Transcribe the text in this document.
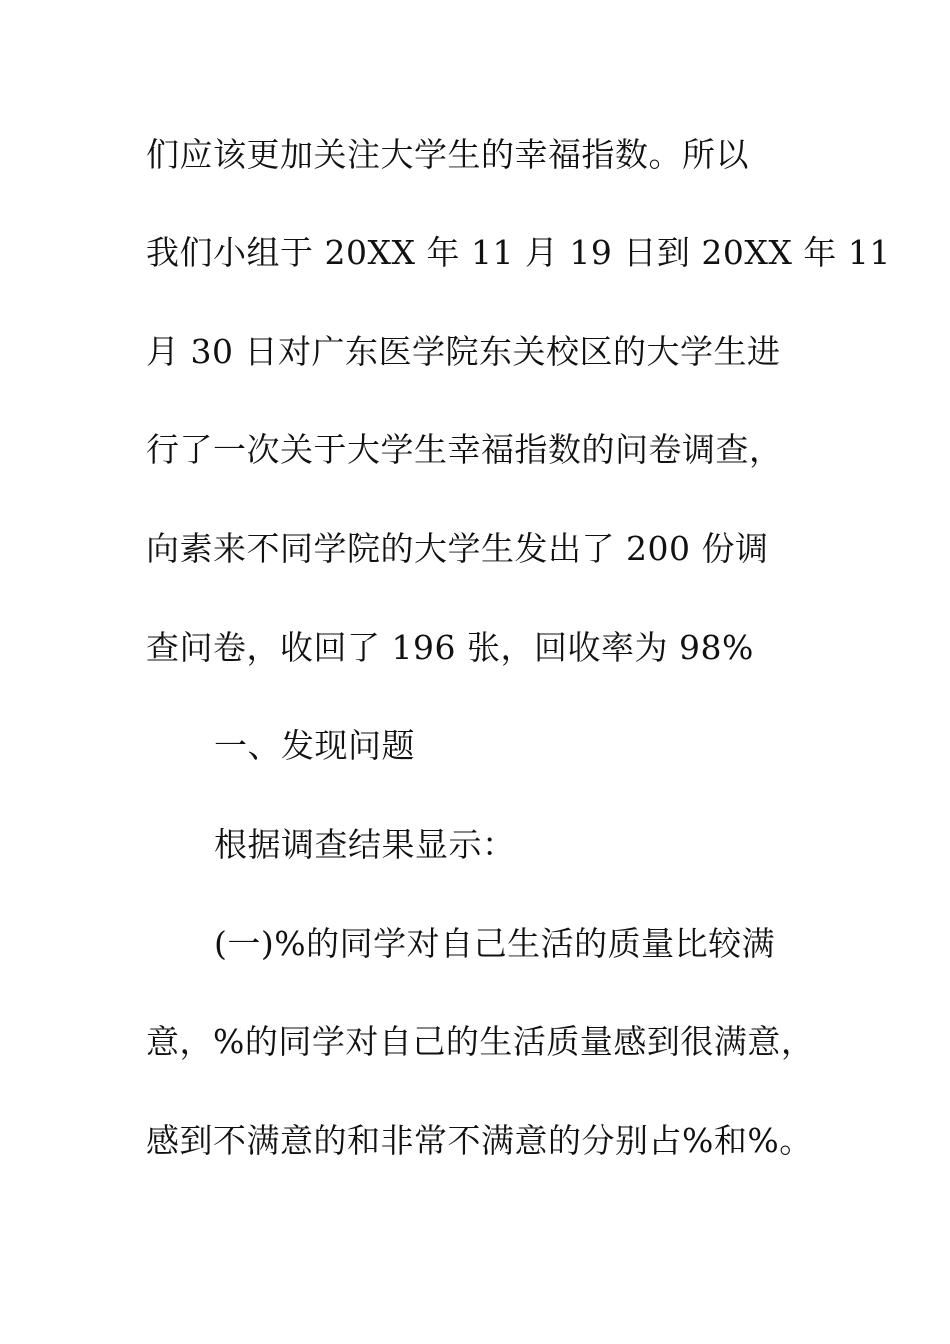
们应该更加关注大学生的幸福指数。所以
我们小组于 20XX 年 11 月 19 日到 20XX 年 11
月 30 日对广东医学院东关校区的大学生进
行了一次关于大学生幸福指数的问卷调查，
向素来不同学院的大学生发出了 200 份调
查问卷，收回了 196 张，回收率为 98%
一、发现问题
根据调查结果显示：
(一)%的同学对自己生活的质量比较满
意，%的同学对自己的生活质量感到很满意，
感到不满意的和非常不满意的分别占%和%。
